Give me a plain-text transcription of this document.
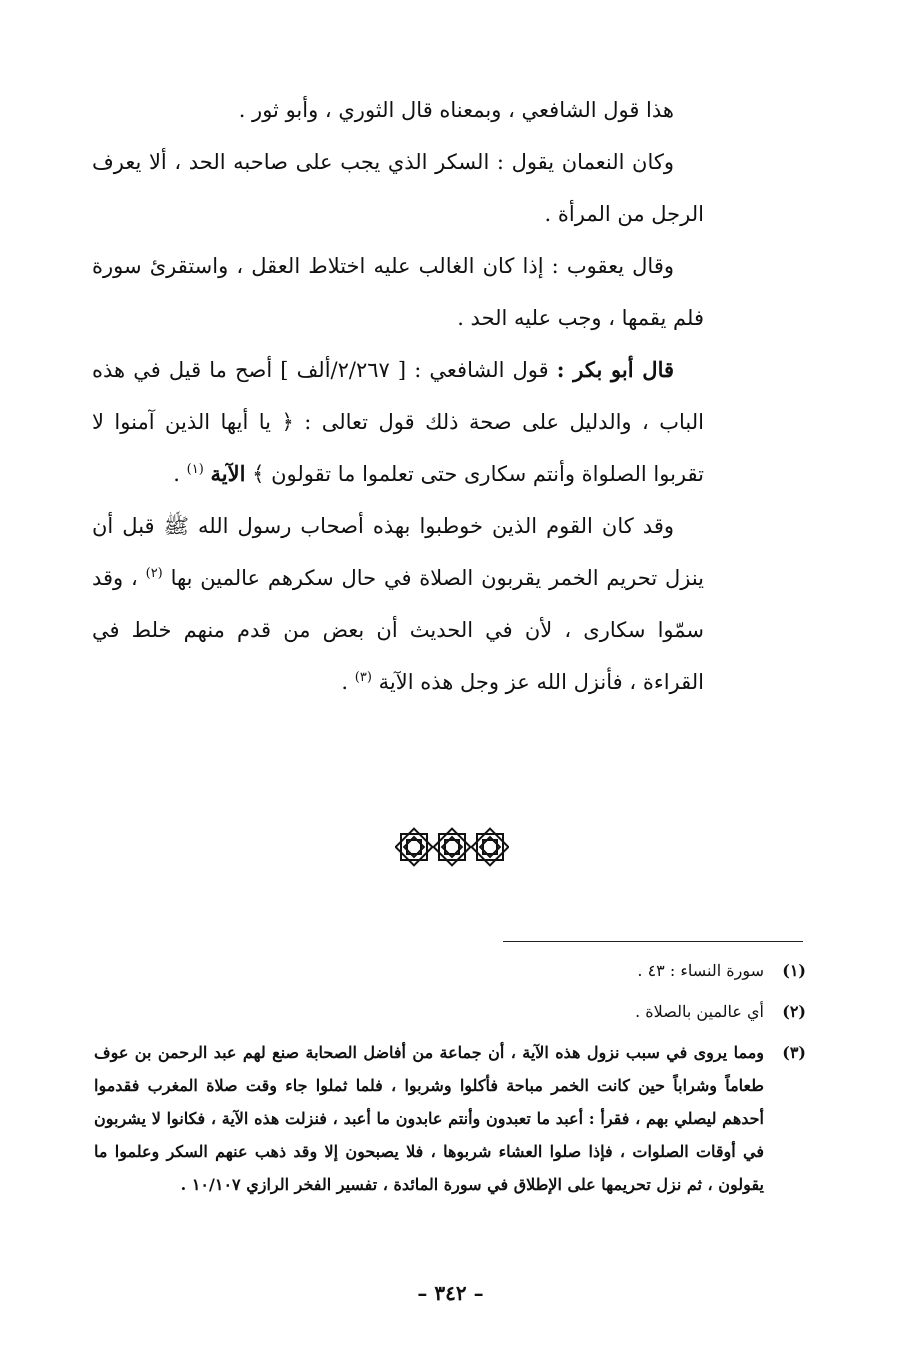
هذا قول الشافعي ، وبمعناه قال الثوري ، وأبو ثور .

وكان النعمان يقول : السكر الذي يجب على صاحبه الحد ، ألا يعرف الرجل من المرأة .

وقال يعقوب : إذا كان الغالب عليه اختلاط العقل ، واستقرئ سورة فلم يقمها ، وجب عليه الحد .

قال أبو بكر : قول الشافعي : [ ٢/٢٦٧/ألف ] أصح ما قيل في هذه الباب ، والدليل على صحة ذلك قول تعالى : ﴿ يا أيها الذين آمنوا لا تقربوا الصلواة وأنتم سكارى حتى تعلموا ما تقولون ﴾ الآية $^{(١)}$ .

وقد كان القوم الذين خوطبوا بهذه أصحاب رسول الله ﷺ قبل أن ينزل تحريم الخمر يقربون الصلاة في حال سكرهم عالمين بها $^{(٢)}$ ، وقد سمّوا سكارى ، لأن في الحديث أن بعض من قدم منهم خلط في القراءة ، فأنزل الله عز وجل هذه الآية $^{(٣)}$ .

(١)
سورة النساء : ٤٣ .
(٢)
أي عالمين بالصلاة .
(٣)
ومما يروى في سبب نزول هذه الآية ، أن جماعة من أفاضل الصحابة صنع لهم عبد الرحمن بن عوف طعاماً وشراباً حين كانت الخمر مباحة فأكلوا وشربوا ، فلما ثملوا جاء وقت صلاة المغرب فقدموا أحدهم ليصلي بهم ، فقرأ : أعبد ما تعبدون وأنتم عابدون ما أعبد ، فنزلت هذه الآية ، فكانوا لا يشربون في أوقات الصلوات ، فإذا صلوا العشاء شربوها ، فلا يصبحون إلا وقد ذهب عنهم السكر وعلموا ما يقولون ، ثم نزل تحريمها على الإطلاق في سورة المائدة ، تفسير الفخر الرازي ١٠/١٠٧ .
– ٣٤٢ –
